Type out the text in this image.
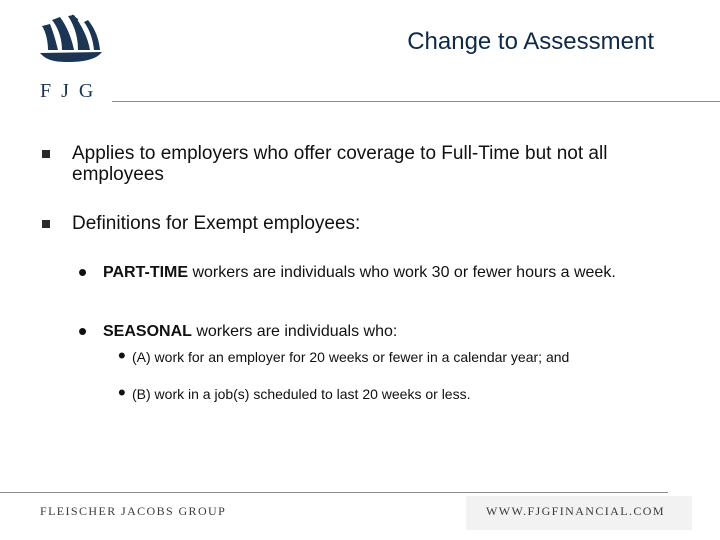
FJG
Change to Assessment
Applies to employers who offer coverage to Full-Time but not all employees
Definitions for Exempt employees:
• PART-TIME workers are individuals who work 30 or fewer hours a week.
• SEASONAL workers are individuals who:
• (A) work for an employer for 20 weeks or fewer in a calendar year; and
• (B) work in a job(s) scheduled to last 20 weeks or less.
FLEISCHER JACOBS GROUP	WWW.FJGFINANCIAL.COM
